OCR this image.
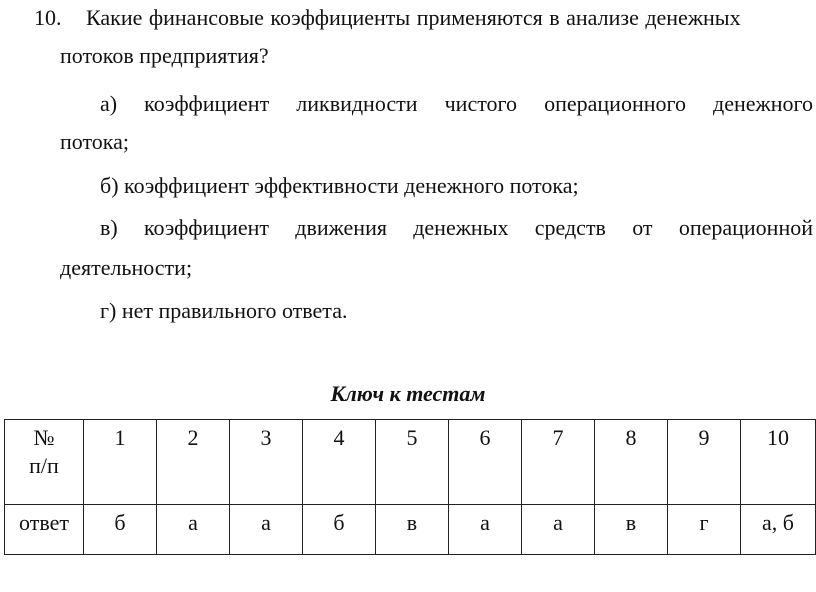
10. Какие финансовые коэффициенты применяются в анализе денежных
потоков предприятия?
а) коэффициент ликвидности чистого операционного денежного
потока;
б) коэффициент эффективности денежного потока;
в) коэффициент движения денежных средств от операционной
деятельности;
г) нет правильного ответа.
Ключ к тестам
№
п/п	1	2	3	4	5	6	7	8	9	10
ответ	б	а	а	б	в	а	а	в	г	а, б
